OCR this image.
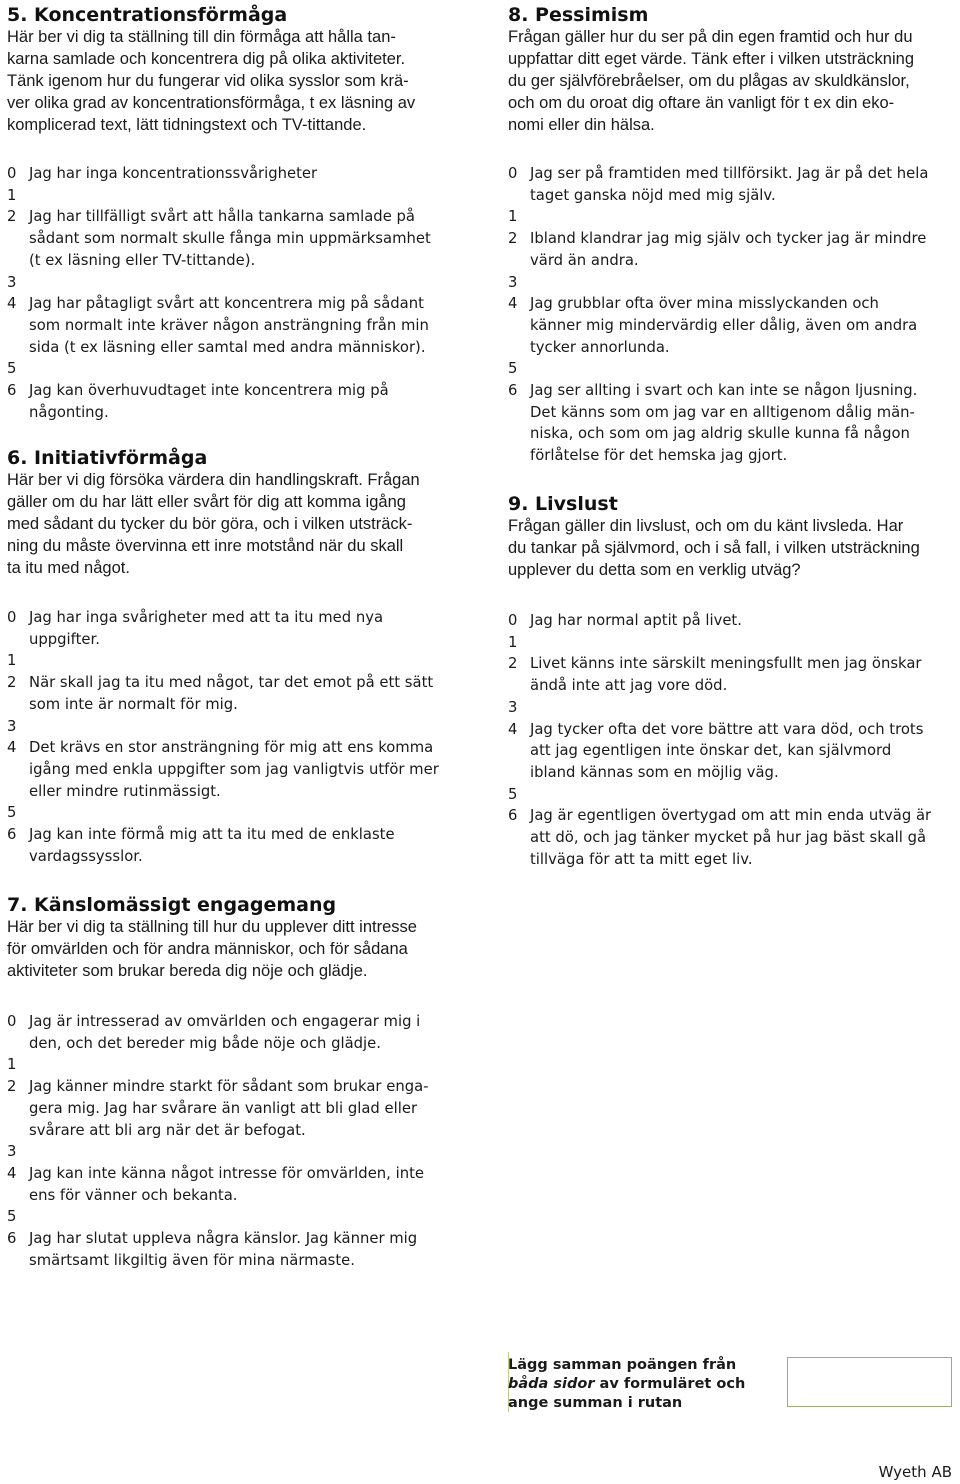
5. Koncentrationsförmåga
Här ber vi dig ta ställning till din förmåga att hålla tan-
karna samlade och koncentrera dig på olika aktiviteter.
Tänk igenom hur du fungerar vid olika sysslor som krä-
ver olika grad av koncentrationsförmåga, t ex läsning av
komplicerad text, lätt tidningstext och TV-tittande.
0 Jag har inga koncentrationssvårigheter
1

2 Jag har tillfälligt svårt att hålla tankarna samlade på
sådant som normalt skulle fånga min uppmärksamhet
(t ex läsning eller TV-tittande).
3

4 Jag har påtagligt svårt att koncentrera mig på sådant
som normalt inte kräver någon ansträngning från min
sida (t ex läsning eller samtal med andra människor).
5

6 Jag kan överhuvudtaget inte koncentrera mig på
någonting.
6. Initiativförmåga
Här ber vi dig försöka värdera din handlingskraft. Frågan
gäller om du har lätt eller svårt för dig att komma igång
med sådant du tycker du bör göra, och i vilken utsträck-
ning du måste övervinna ett inre motstånd när du skall
ta itu med något.
0 Jag har inga svårigheter med att ta itu med nya
uppgifter.
1

2 När skall jag ta itu med något, tar det emot på ett sätt
som inte är normalt för mig.
3

4 Det krävs en stor ansträngning för mig att ens komma
igång med enkla uppgifter som jag vanligtvis utför mer
eller mindre rutinmässigt.
5

6 Jag kan inte förmå mig att ta itu med de enklaste
vardagssysslor.
7. Känslomässigt engagemang
Här ber vi dig ta ställning till hur du upplever ditt intresse
för omvärlden och för andra människor, och för sådana
aktiviteter som brukar bereda dig nöje och glädje.
0 Jag är intresserad av omvärlden och engagerar mig i
den, och det bereder mig både nöje och glädje.
1

2 Jag känner mindre starkt för sådant som brukar enga-
gera mig. Jag har svårare än vanligt att bli glad eller
svårare att bli arg när det är befogat.
3

4 Jag kan inte känna något intresse för omvärlden, inte
ens för vänner och bekanta.
5

6 Jag har slutat uppleva några känslor. Jag känner mig
smärtsamt likgiltig även för mina närmaste.
8. Pessimism
Frågan gäller hur du ser på din egen framtid och hur du
uppfattar ditt eget värde. Tänk efter i vilken utsträckning
du ger självförebråelser, om du plågas av skuldkänslor,
och om du oroat dig oftare än vanligt för t ex din eko-
nomi eller din hälsa.
0 Jag ser på framtiden med tillförsikt. Jag är på det hela
taget ganska nöjd med mig själv.
1

2 Ibland klandrar jag mig själv och tycker jag är mindre
värd än andra.
3

4 Jag grubblar ofta över mina misslyckanden och
känner mig mindervärdig eller dålig, även om andra
tycker annorlunda.
5

6 Jag ser allting i svart och kan inte se någon ljusning.
Det känns som om jag var en alltigenom dålig män-
niska, och som om jag aldrig skulle kunna få någon
förlåtelse för det hemska jag gjort.
9. Livslust
Frågan gäller din livslust, och om du känt livsleda. Har
du tankar på självmord, och i så fall, i vilken utsträckning
upplever du detta som en verklig utväg?
0 Jag har normal aptit på livet.
1

2 Livet känns inte särskilt meningsfullt men jag önskar
ändå inte att jag vore död.
3

4 Jag tycker ofta det vore bättre att vara död, och trots
att jag egentligen inte önskar det, kan självmord
ibland kännas som en möjlig väg.
5

6 Jag är egentligen övertygad om att min enda utväg är
att dö, och jag tänker mycket på hur jag bäst skall gå
tillväga för att ta mitt eget liv.
Lägg samman poängen från
båda sidor av formuläret och
ange summan i rutan
Wyeth AB
